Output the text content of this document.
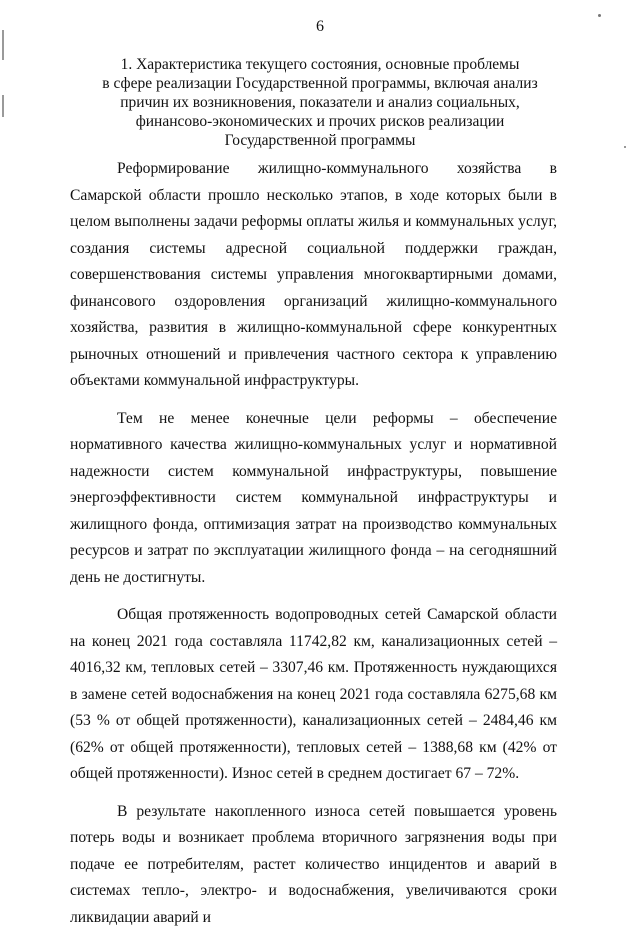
6
1. Характеристика текущего состояния, основные проблемы
в сфере реализации Государственной программы, включая анализ
причин их возникновения, показатели и анализ социальных,
финансово-экономических и прочих рисков реализации
Государственной программы

Реформирование жилищно-коммунального хозяйства в Самарской области прошло несколько этапов, в ходе которых были в целом выполнены задачи реформы оплаты жилья и коммунальных услуг, создания системы адресной социальной поддержки граждан, совершенствования системы управления многоквартирными домами, финансового оздоровления организаций жилищно-коммунального хозяйства, развития в жилищно-коммунальной сфере конкурентных рыночных отношений и привлечения частного сектора к управлению объектами коммунальной инфраструктуры.

Тем не менее конечные цели реформы – обеспечение нормативного качества жилищно-коммунальных услуг и нормативной надежности систем коммунальной инфраструктуры, повышение энергоэффективности систем коммунальной инфраструктуры и жилищного фонда, оптимизация затрат на производство коммунальных ресурсов и затрат по эксплуатации жилищного фонда – на сегодняшний день не достигнуты.

Общая протяженность водопроводных сетей Самарской области на конец 2021 года составляла 11742,82 км, канализационных сетей – 4016,32 км, тепловых сетей – 3307,46 км. Протяженность нуждающихся в замене сетей водоснабжения на конец 2021 года составляла 6275,68 км (53 % от общей протяженности), канализационных сетей – 2484,46 км (62% от общей протяженности), тепловых сетей – 1388,68 км (42% от общей протяженности). Износ сетей в среднем достигает 67 – 72%.

В результате накопленного износа сетей повышается уровень потерь воды и возникает проблема вторичного загрязнения воды при подаче ее потребителям, растет количество инцидентов и аварий в системах тепло-, электро- и водоснабжения, увеличиваются сроки ликвидации аварий и
